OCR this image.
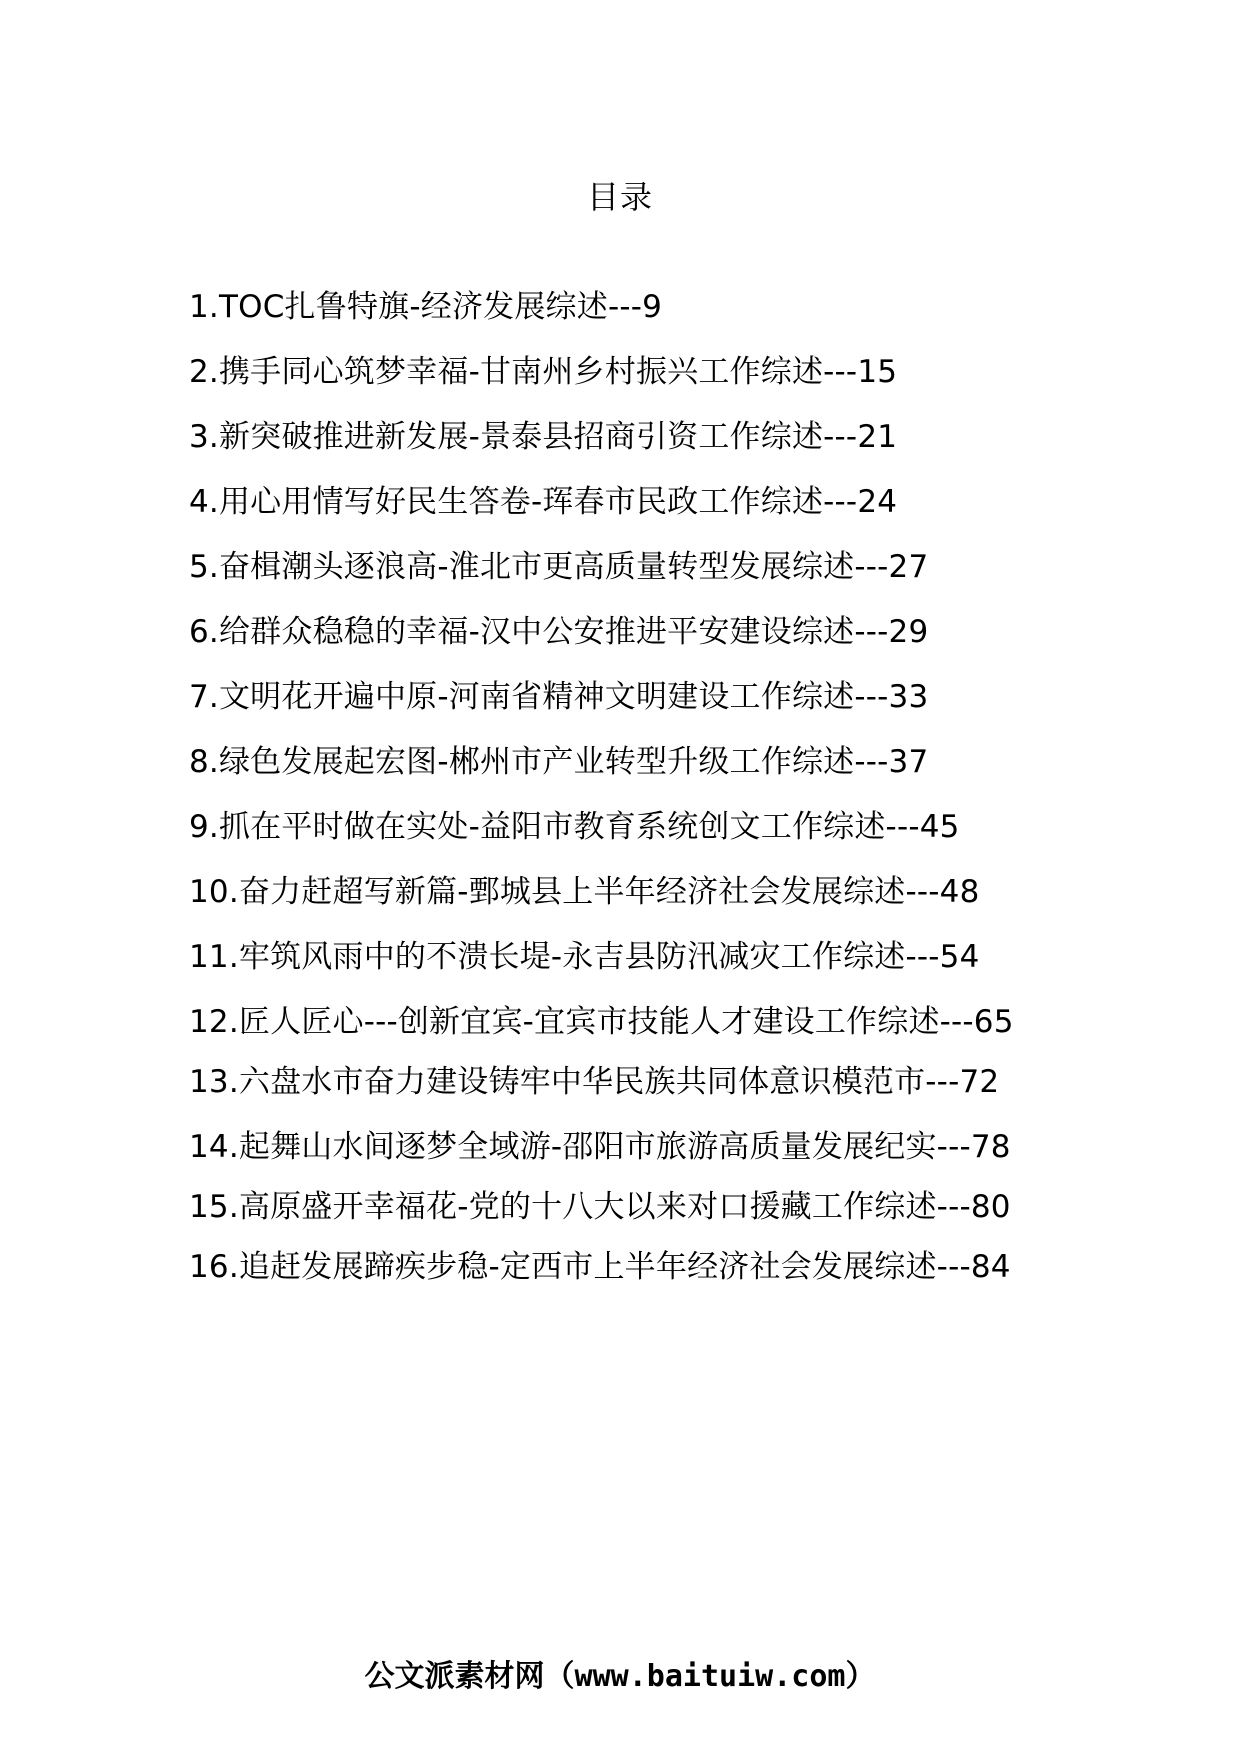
目录
1.TOC扎鲁特旗-经济发展综述---9
2.携手同心筑梦幸福-甘南州乡村振兴工作综述---15
3.新突破推进新发展-景泰县招商引资工作综述---21
4.用心用情写好民生答卷-珲春市民政工作综述---24
5.奋楫潮头逐浪高-淮北市更高质量转型发展综述---27
6.给群众稳稳的幸福-汉中公安推进平安建设综述---29
7.文明花开遍中原-河南省精神文明建设工作综述---33
8.绿色发展起宏图-郴州市产业转型升级工作综述---37
9.抓在平时做在实处-益阳市教育系统创文工作综述---45
10.奋力赶超写新篇-鄄城县上半年经济社会发展综述---48
11.牢筑风雨中的不溃长堤-永吉县防汛减灾工作综述---54
12.匠人匠心---创新宜宾-宜宾市技能人才建设工作综述---65
13.六盘水市奋力建设铸牢中华民族共同体意识模范市---72
14.起舞山水间逐梦全域游-邵阳市旅游高质量发展纪实---78
15.高原盛开幸福花-党的十八大以来对口援藏工作综述---80
16.追赶发展蹄疾步稳-定西市上半年经济社会发展综述---84
公文派素材网（www.baituiw.com）
